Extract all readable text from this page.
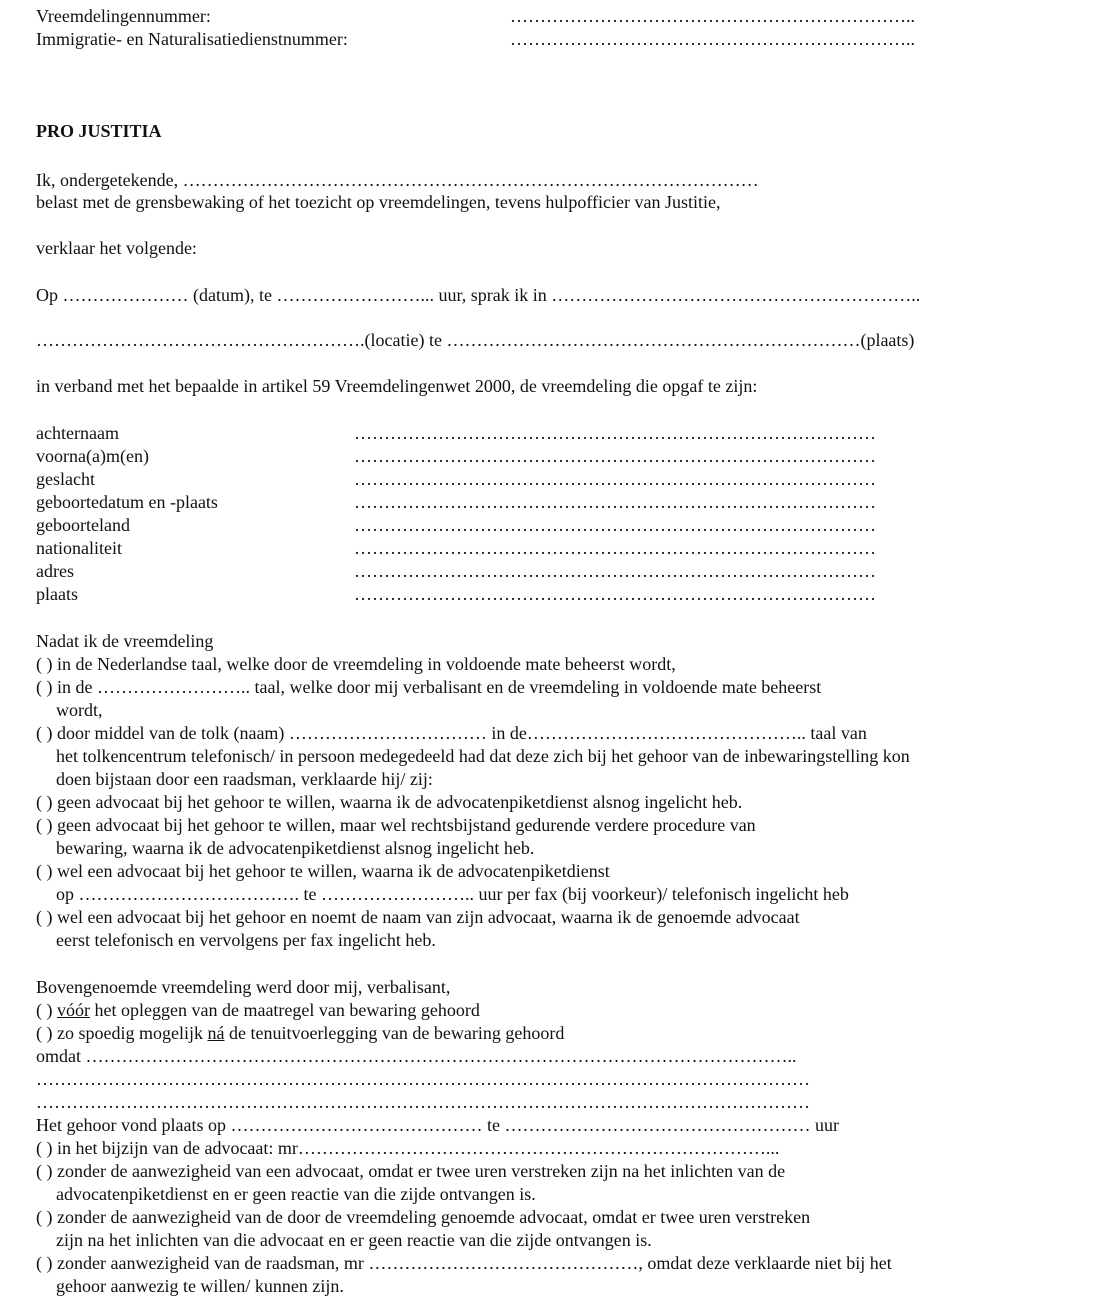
Vreemdelingennummer:	…………………………………………………………..
Immigratie- en Naturalisatiedienstnummer:	…………………………………………………………..
PRO JUSTITIA
Ik, ondergetekende, ……………………………………………………………………………………
belast met de grensbewaking of het toezicht op vreemdelingen, tevens hulpofficier van Justitie,
verklaar het volgende:
Op ………………… (datum), te ……………………... uur, sprak ik in ……………………………………………………..
……………………………………………….(locatie) te ……………………………………………………………(plaats)
in verband met het bepaalde in artikel 59 Vreemdelingenwet 2000, de vreemdeling die opgaf te zijn:
achternaam	……………………………………………………………………………
voorna(a)m(en)	……………………………………………………………………………
geslacht	……………………………………………………………………………
geboortedatum en -plaats	……………………………………………………………………………
geboorteland	……………………………………………………………………………
nationaliteit	……………………………………………………………………………
adres	……………………………………………………………………………
plaats	……………………………………………………………………………
Nadat ik de vreemdeling
( ) in de Nederlandse taal, welke door de vreemdeling in voldoende mate beheerst wordt,
( ) in de …………………….. taal, welke door mij verbalisant en de vreemdeling in voldoende mate beheerst
wordt,
( ) door middel van de tolk (naam) …………………………… in de……………………………………….. taal van
het tolkencentrum telefonisch/ in persoon medegedeeld had dat deze zich bij het gehoor van de inbewaringstelling kon
doen bijstaan door een raadsman, verklaarde hij/ zij:
( ) geen advocaat bij het gehoor te willen, waarna ik de advocatenpiketdienst alsnog ingelicht heb.
( ) geen advocaat bij het gehoor te willen, maar wel rechtsbijstand gedurende verdere procedure van
bewaring, waarna ik de advocatenpiketdienst alsnog ingelicht heb.
( ) wel een advocaat bij het gehoor te willen, waarna ik de advocatenpiketdienst
op ………………………………. te …………………….. uur per fax (bij voorkeur)/ telefonisch ingelicht heb
( ) wel een advocaat bij het gehoor en noemt de naam van zijn advocaat, waarna ik de genoemde advocaat
eerst telefonisch en vervolgens per fax ingelicht heb.
Bovengenoemde vreemdeling werd door mij, verbalisant,
( ) vóór het opleggen van de maatregel van bewaring gehoord
( ) zo spoedig mogelijk ná de tenuitvoerlegging van de bewaring gehoord
omdat ………………………………………………………………………………………………………..
…………………………………………………………………………………………………………………
…………………………………………………………………………………………………………………
Het gehoor vond plaats op …………………………………… te …………………………………………… uur
( ) in het bijzijn van de advocaat: mr……………………………………………………………………...
( ) zonder de aanwezigheid van een advocaat, omdat er twee uren verstreken zijn na het inlichten van de
advocatenpiketdienst en er geen reactie van die zijde ontvangen is.
( ) zonder de aanwezigheid van de door de vreemdeling genoemde advocaat, omdat er twee uren verstreken
zijn na het inlichten van die advocaat en er geen reactie van die zijde ontvangen is.
( ) zonder aanwezigheid van de raadsman, mr ………………………………………, omdat deze verklaarde niet bij het
gehoor aanwezig te willen/ kunnen zijn.
